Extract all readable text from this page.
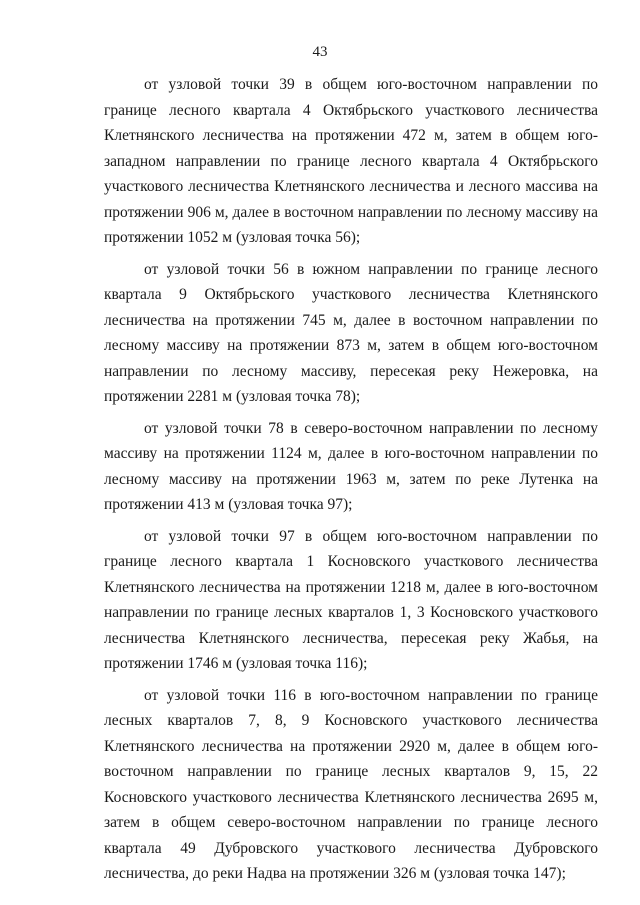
43

от узловой точки 39 в общем юго-восточном направлении по границе лесного квартала 4 Октябрьского участкового лесничества Клетнянского лесничества на протяжении 472 м, затем в общем юго-западном направлении по границе лесного квартала 4 Октябрьского участкового лесничества Клетнянского лесничества и лесного массива на протяжении 906 м, далее в восточном направлении по лесному массиву на протяжении 1052 м (узловая точка 56);

от узловой точки 56 в южном направлении по границе лесного квартала 9 Октябрьского участкового лесничества Клетнянского лесничества на протяжении 745 м, далее в восточном направлении по лесному массиву на протяжении 873 м, затем в общем юго-восточном направлении по лесному массиву, пересекая реку Нежеровка, на протяжении 2281 м (узловая точка 78);

от узловой точки 78 в северо-восточном направлении по лесному массиву на протяжении 1124 м, далее в юго-восточном направлении по лесному массиву на протяжении 1963 м, затем по реке Лутенка на протяжении 413 м (узловая точка 97);

от узловой точки 97 в общем юго-восточном направлении по границе лесного квартала 1 Косновского участкового лесничества Клетнянского лесничества на протяжении 1218 м, далее в юго-восточном направлении по границе лесных кварталов 1, 3 Косновского участкового лесничества Клетнянского лесничества, пересекая реку Жабья, на протяжении 1746 м (узловая точка 116);

от узловой точки 116 в юго-восточном направлении по границе лесных кварталов 7, 8, 9 Косновского участкового лесничества Клетнянского лесничества на протяжении 2920 м, далее в общем юго-восточном направлении по границе лесных кварталов 9, 15, 22 Косновского участкового лесничества Клетнянского лесничества 2695 м, затем в общем северо-восточном направлении по границе лесного квартала 49 Дубровского участкового лесничества Дубровского лесничества, до реки Надва на протяжении 326 м (узловая точка 147);
